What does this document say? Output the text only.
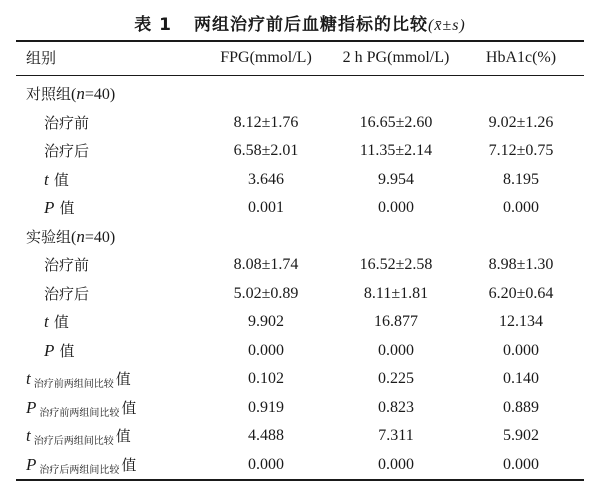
表 1 两组治疗前后血糖指标的比较(x̄±s)
组别	FPG(mmol/L)	2 h PG(mmol/L)	HbA1c(%)
对照组(n=40)
治疗前	8.12±1.76	16.65±2.60	9.02±1.26
治疗后	6.58±2.01	11.35±2.14	7.12±0.75
t 值	3.646	9.954	8.195
P 值	0.001	0.000	0.000
实验组(n=40)
治疗前	8.08±1.74	16.52±2.58	8.98±1.30
治疗后	5.02±0.89	8.11±1.81	6.20±0.64
t 值	9.902	16.877	12.134
P 值	0.000	0.000	0.000
t $_{治疗前两组间比较}$ 值	0.102	0.225	0.140
P $_{治疗前两组间比较}$ 值	0.919	0.823	0.889
t $_{治疗后两组间比较}$ 值	4.488	7.311	5.902
P $_{治疗后两组间比较}$ 值	0.000	0.000	0.000
